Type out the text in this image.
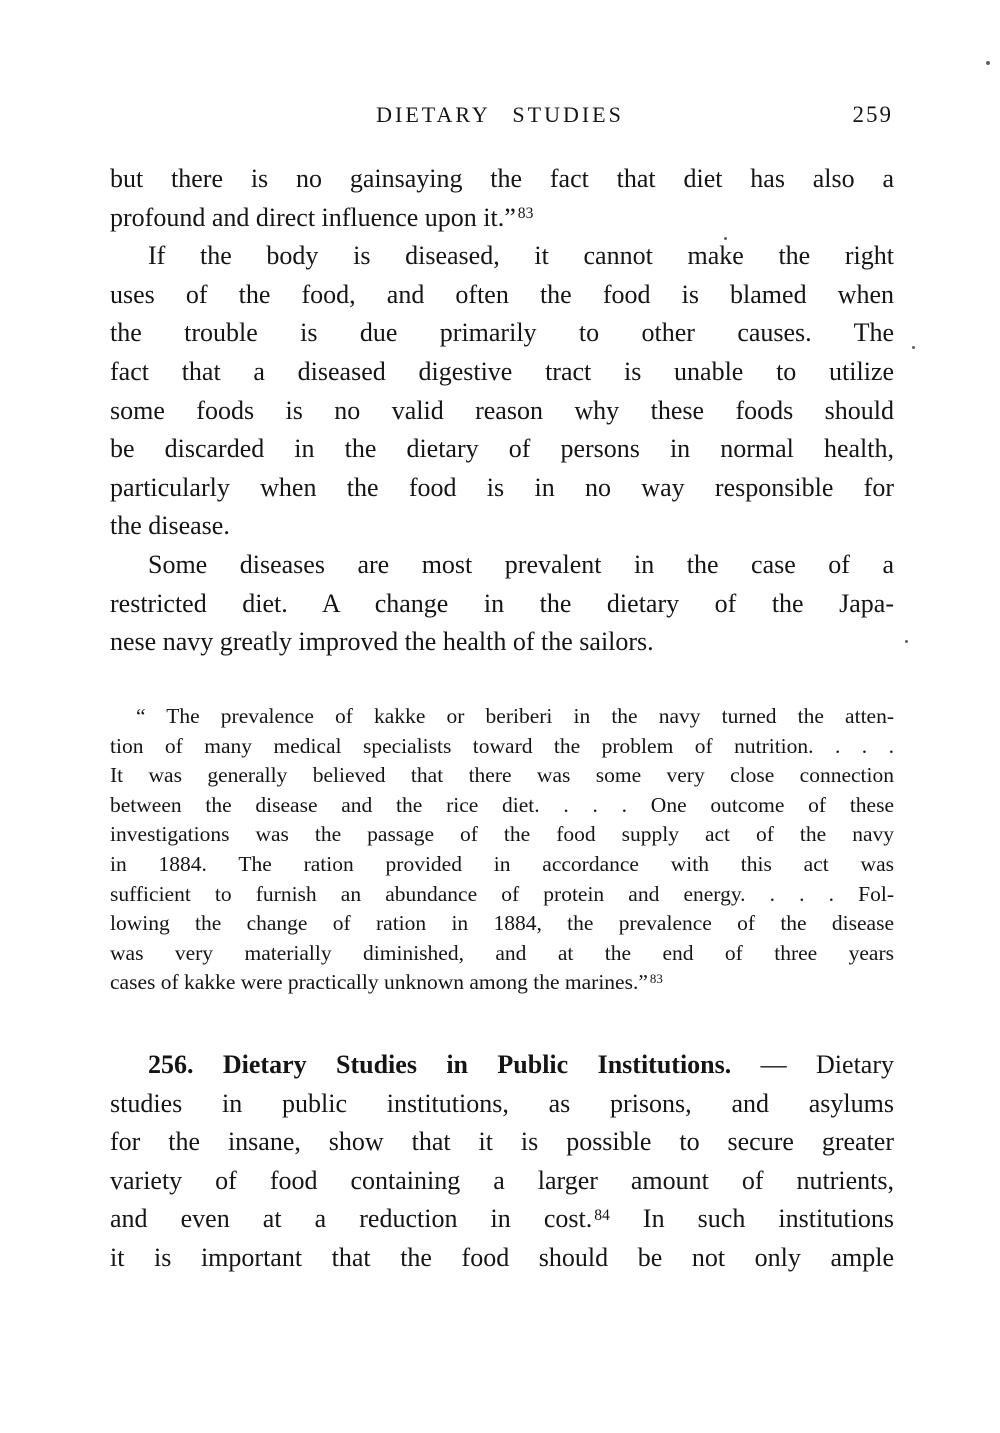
DIETARY STUDIES	259
but there is no gainsaying the fact that diet has also a
profound and direct influence upon it.” $^{83}$
If the body is diseased, it cannot make the right
uses of the food, and often the food is blamed when
the trouble is due primarily to other causes. The
fact that a diseased digestive tract is unable to utilize
some foods is no valid reason why these foods should
be discarded in the dietary of persons in normal health,
particularly when the food is in no way responsible for
the disease.
Some diseases are most prevalent in the case of a
restricted diet. A change in the dietary of the Japa-
nese navy greatly improved the health of the sailors.
“ The prevalence of kakke or beriberi in the navy turned the atten-
tion of many medical specialists toward the problem of nutrition. . . .
It was generally believed that there was some very close connection
between the disease and the rice diet. . . . One outcome of these
investigations was the passage of the food supply act of the navy
in 1884. The ration provided in accordance with this act was
sufficient to furnish an abundance of protein and energy. . . . Fol-
lowing the change of ration in 1884, the prevalence of the disease
was very materially diminished, and at the end of three years
cases of kakke were practically unknown among the marines.” $^{83}$
256. Dietary Studies in Public Institutions. — Dietary
studies in public institutions, as prisons, and asylums
for the insane, show that it is possible to secure greater
variety of food containing a larger amount of nutrients,
and even at a reduction in cost. $^{84}$ In such institutions
it is important that the food should be not only ample
